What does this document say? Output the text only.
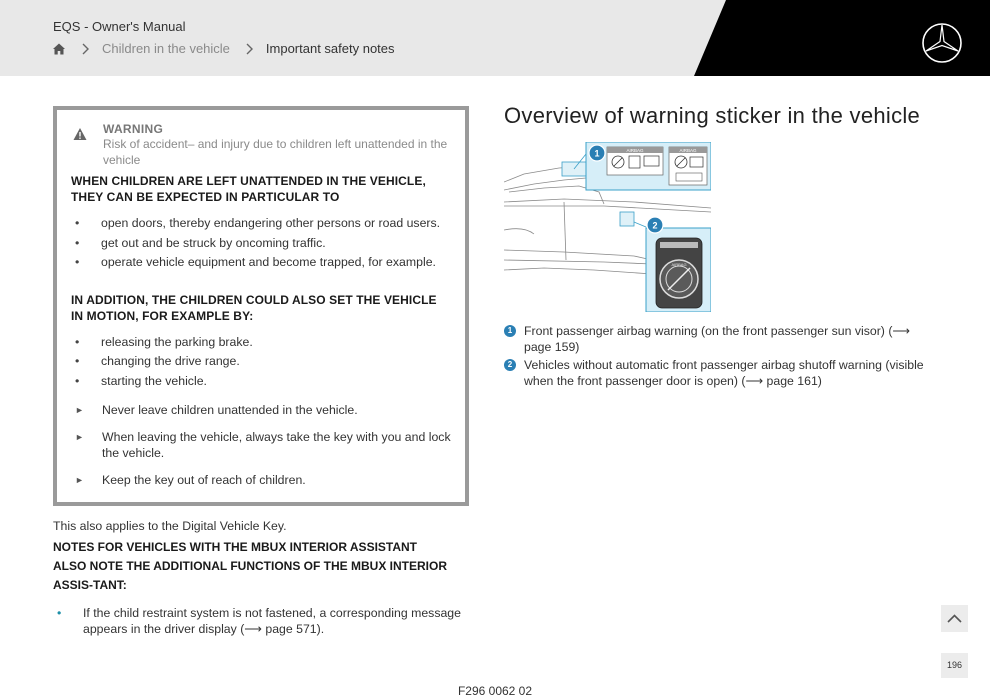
EQS - Owner's Manual
Children in the vehicle	Important safety notes
WARNING
Risk of accident– and injury due to children left unattended in the vehicle
WHEN CHILDREN ARE LEFT UNATTENDED IN THE VEHICLE, THEY CAN BE EXPECTED IN PARTICULAR TO
• open doors, thereby endangering other persons or road users.
• get out and be struck by oncoming traffic.
• operate vehicle equipment and become trapped, for example.
IN ADDITION, THE CHILDREN COULD ALSO SET THE VEHICLE IN MOTION, FOR EXAMPLE BY:
• releasing the parking brake.
• changing the drive range.
• starting the vehicle.
► Never leave children unattended in the vehicle.
► When leaving the vehicle, always take the key with you and lock the vehicle.
► Keep the key out of reach of children.
This also applies to the Digital Vehicle Key.
NOTES FOR VEHICLES WITH THE MBUX INTERIOR ASSISTANT
ALSO NOTE THE ADDITIONAL FUNCTIONS OF THE MBUX INTERIOR ASSIS-TANT:
• If the child restraint system is not fastened, a corresponding message appears in the driver display (⟶ page 571).
Overview of warning sticker in the vehicle
AIRBAG	AIRBAG
1
2
AIRBAG
1 Front passenger airbag warning (on the front passenger sun visor) (⟶ page 159)
2 Vehicles without automatic front passenger airbag shutoff warning (visible when the front passenger door is open) (⟶ page 161)
196
F296 0062 02
